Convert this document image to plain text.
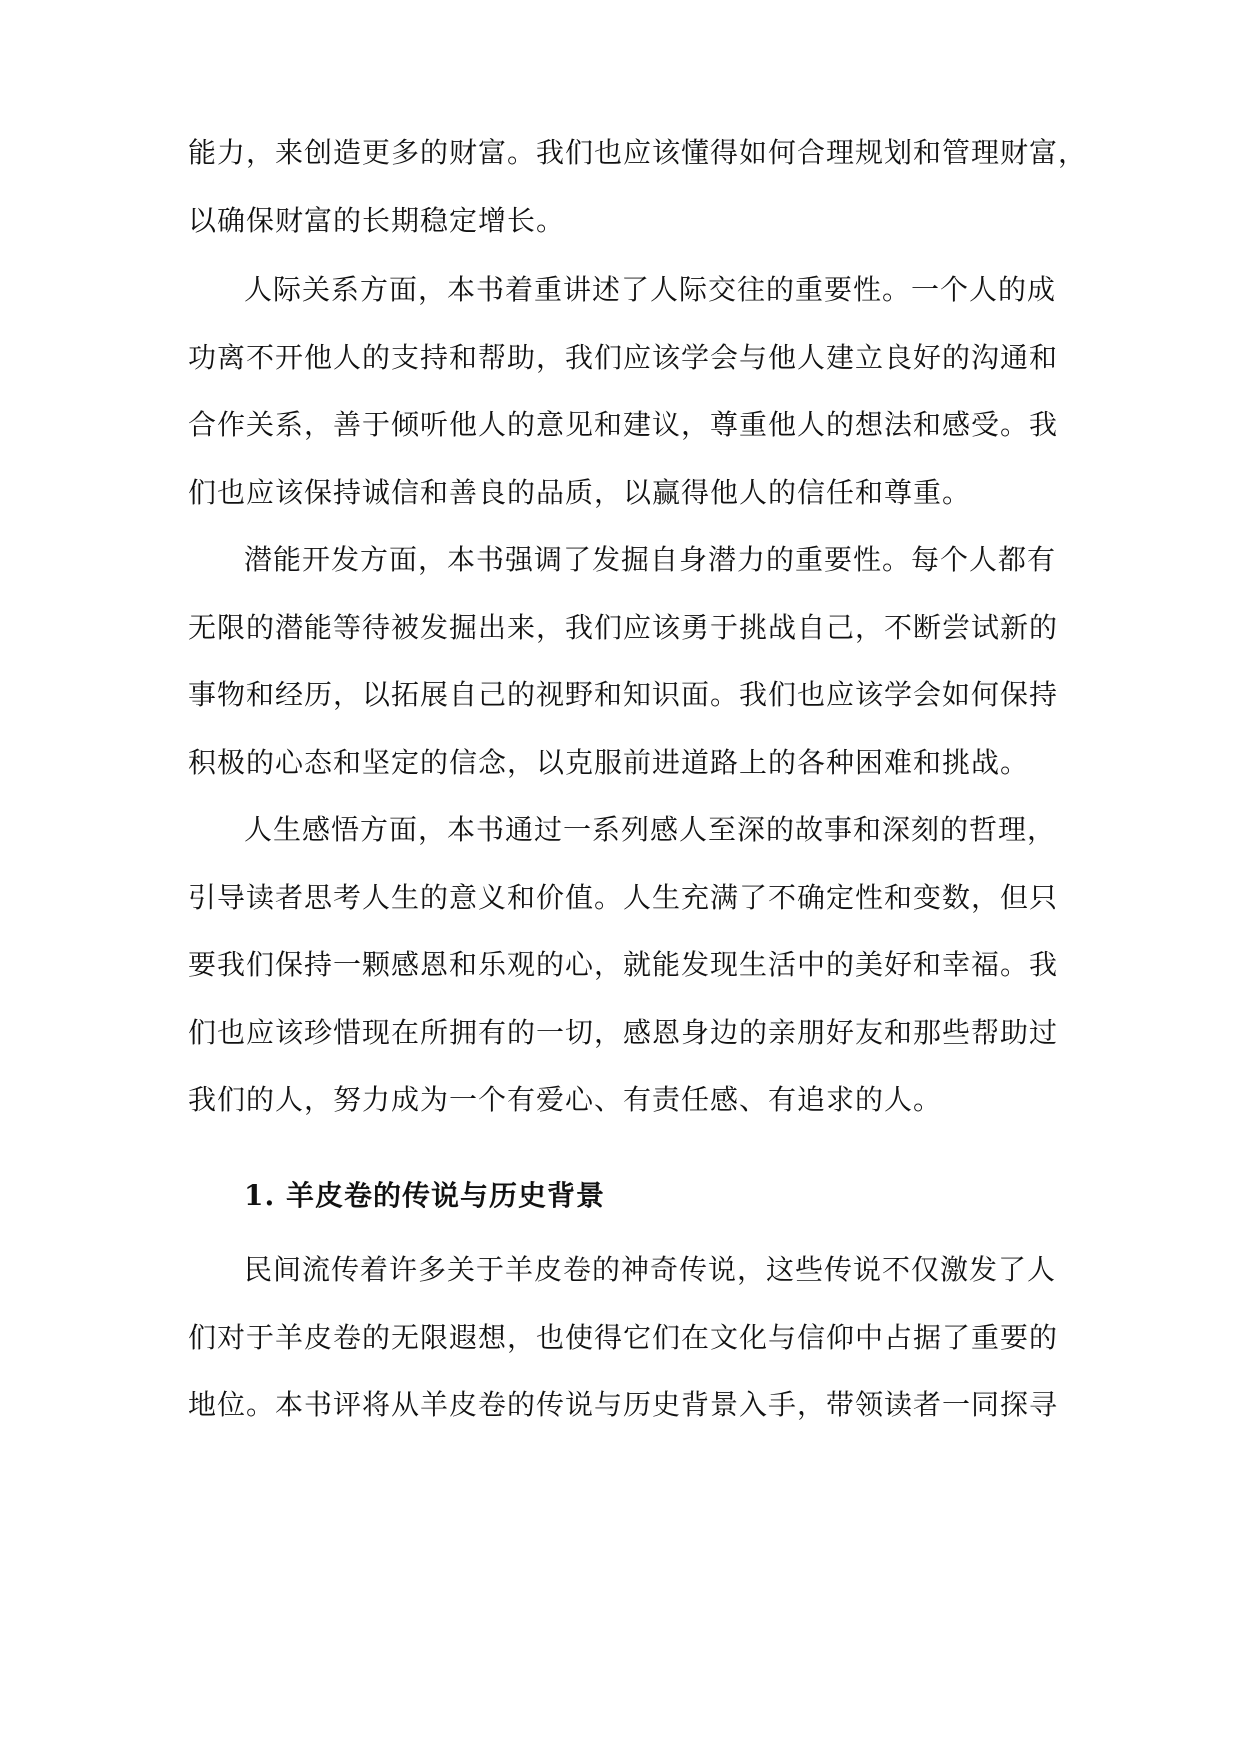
能力，来创造更多的财富。我们也应该懂得如何合理规划和管理财富，
以确保财富的长期稳定增长。
人际关系方面，本书着重讲述了人际交往的重要性。一个人的成
功离不开他人的支持和帮助，我们应该学会与他人建立良好的沟通和
合作关系，善于倾听他人的意见和建议，尊重他人的想法和感受。我
们也应该保持诚信和善良的品质，以赢得他人的信任和尊重。
潜能开发方面，本书强调了发掘自身潜力的重要性。每个人都有
无限的潜能等待被发掘出来，我们应该勇于挑战自己，不断尝试新的
事物和经历，以拓展自己的视野和知识面。我们也应该学会如何保持
积极的心态和坚定的信念，以克服前进道路上的各种困难和挑战。
人生感悟方面，本书通过一系列感人至深的故事和深刻的哲理，
引导读者思考人生的意义和价值。人生充满了不确定性和变数，但只
要我们保持一颗感恩和乐观的心，就能发现生活中的美好和幸福。我
们也应该珍惜现在所拥有的一切，感恩身边的亲朋好友和那些帮助过
我们的人，努力成为一个有爱心、有责任感、有追求的人。
1. 羊皮卷的传说与历史背景
民间流传着许多关于羊皮卷的神奇传说，这些传说不仅激发了人
们对于羊皮卷的无限遐想，也使得它们在文化与信仰中占据了重要的
地位。本书评将从羊皮卷的传说与历史背景入手，带领读者一同探寻
